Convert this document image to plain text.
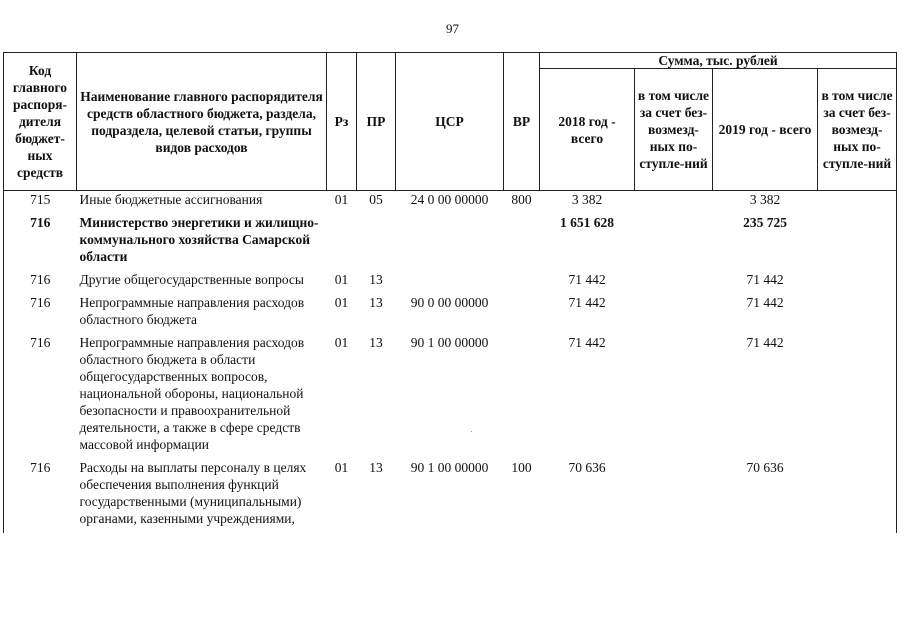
97
Код главного распоря-дителя бюджет-ных средств	Наименование главного распорядителя средств областного бюджета, раздела, подраздела, целевой статьи, группы видов расходов	Рз	ПР	ЦСР	ВР	Сумма, тыс. рублей			
						2018 год - всего	в том числе за счет без-возмезд-ных по-ступле-ний	2019 год - всего	в том числе за счет без-возмезд-ных по-ступле-ний
715	Иные бюджетные ассигнования	01	05	24 0 00 00000	800	3 382		3 382	
716	Министерство энергетики и жилищно-коммунального хозяйства Самарской области					1 651 628		235 725	
716	Другие общегосударственные вопросы	01	13			71 442		71 442	
716	Непрограммные направления расходов областного бюджета	01	13	90 0 00 00000		71 442		71 442	
716	Непрограммные направления расходов областного бюджета в области общегосударственных вопросов, национальной обороны, национальной безопасности и правоохранительной деятельности, а также в сфере средств массовой информации	01	13	90 1 00 00000		71 442		71 442	
716	Расходы на выплаты персоналу в целях обеспечения выполнения функций государственными (муниципальными) органами, казенными учреждениями,	01	13	90 1 00 00000	100	70 636		70 636	
